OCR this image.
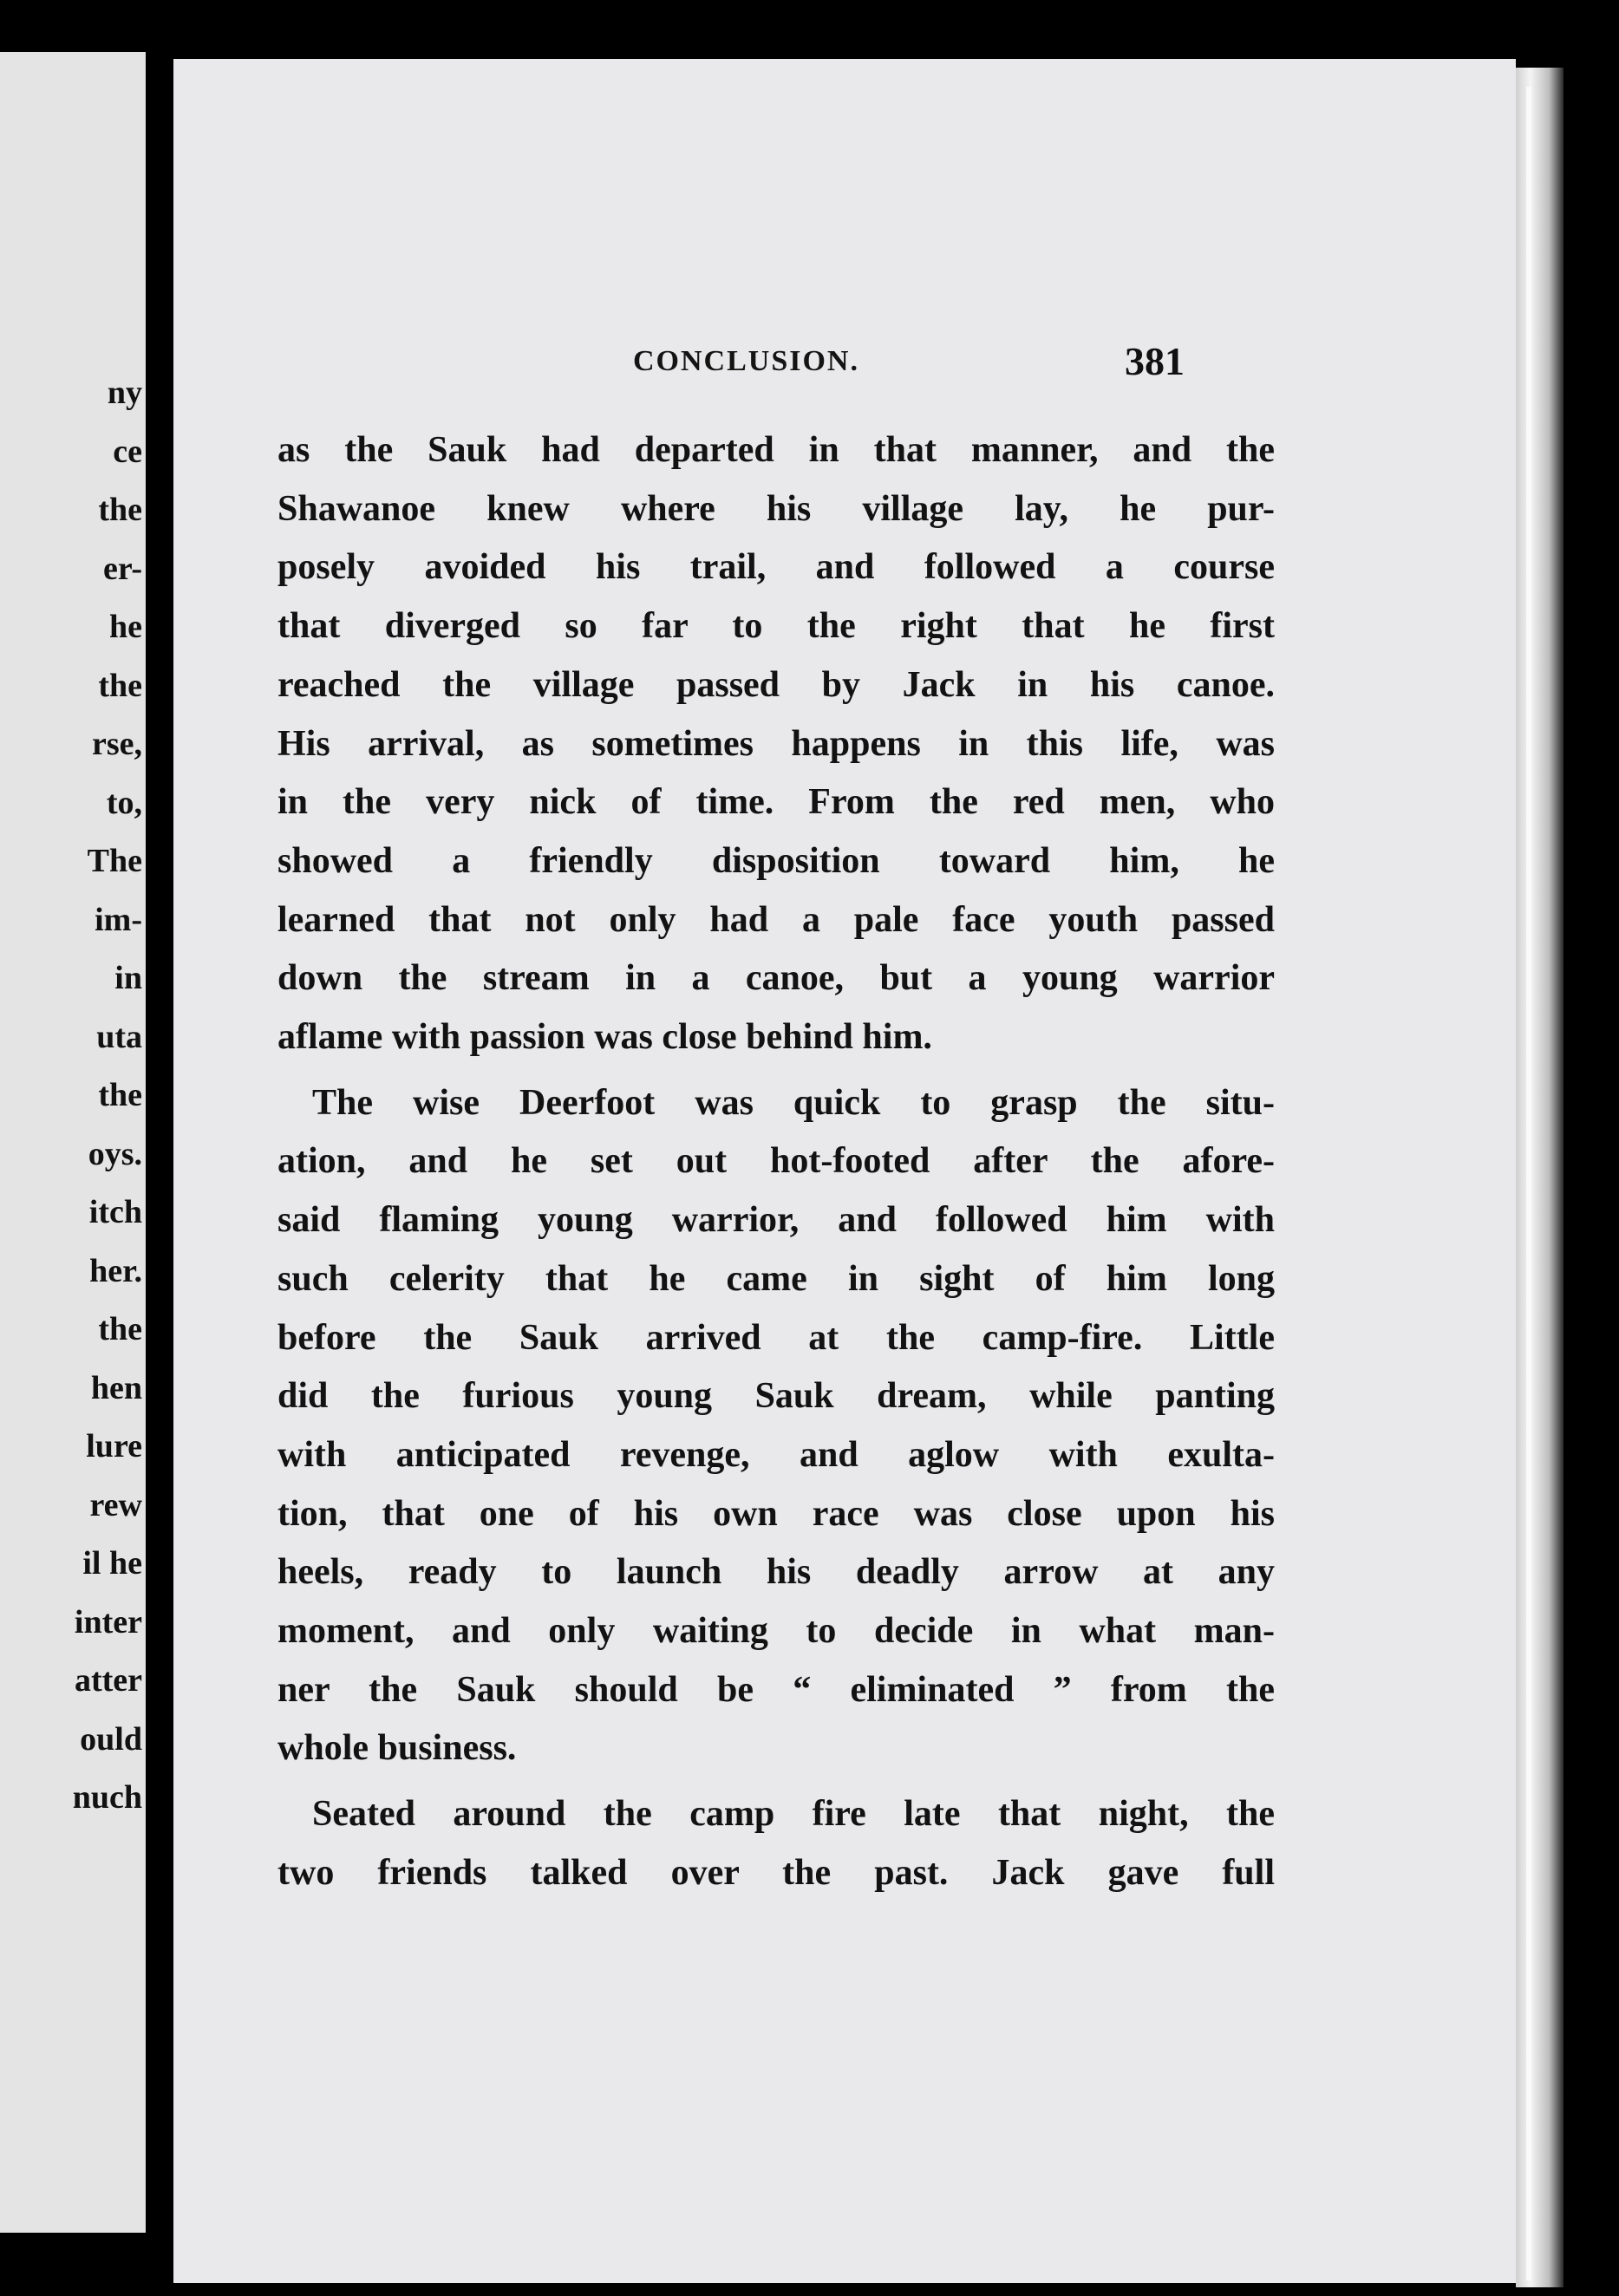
ny
ce
the
er-
he
the
rse,
to,
The
im-
in
uta
the
oys.
itch
her.
the
hen
lure
rew
il he
inter
atter
ould
nuch
CONCLUSION.	381
as the Sauk had departed in that manner, and the
Shawanoe knew where his village lay, he pur-
posely avoided his trail, and followed a course
that diverged so far to the right that he first
reached the village passed by Jack in his canoe.
His arrival, as sometimes happens in this life, was
in the very nick of time. From the red men, who
showed a friendly disposition toward him, he
learned that not only had a pale face youth passed
down the stream in a canoe, but a young warrior
aflame with passion was close behind him.
The wise Deerfoot was quick to grasp the situ-
ation, and he set out hot-footed after the afore-
said flaming young warrior, and followed him with
such celerity that he came in sight of him long
before the Sauk arrived at the camp-fire. Little
did the furious young Sauk dream, while panting
with anticipated revenge, and aglow with exulta-
tion, that one of his own race was close upon his
heels, ready to launch his deadly arrow at any
moment, and only waiting to decide in what man-
ner the Sauk should be “ eliminated ” from the
whole business.
Seated around the camp fire late that night, the
two friends talked over the past. Jack gave full
